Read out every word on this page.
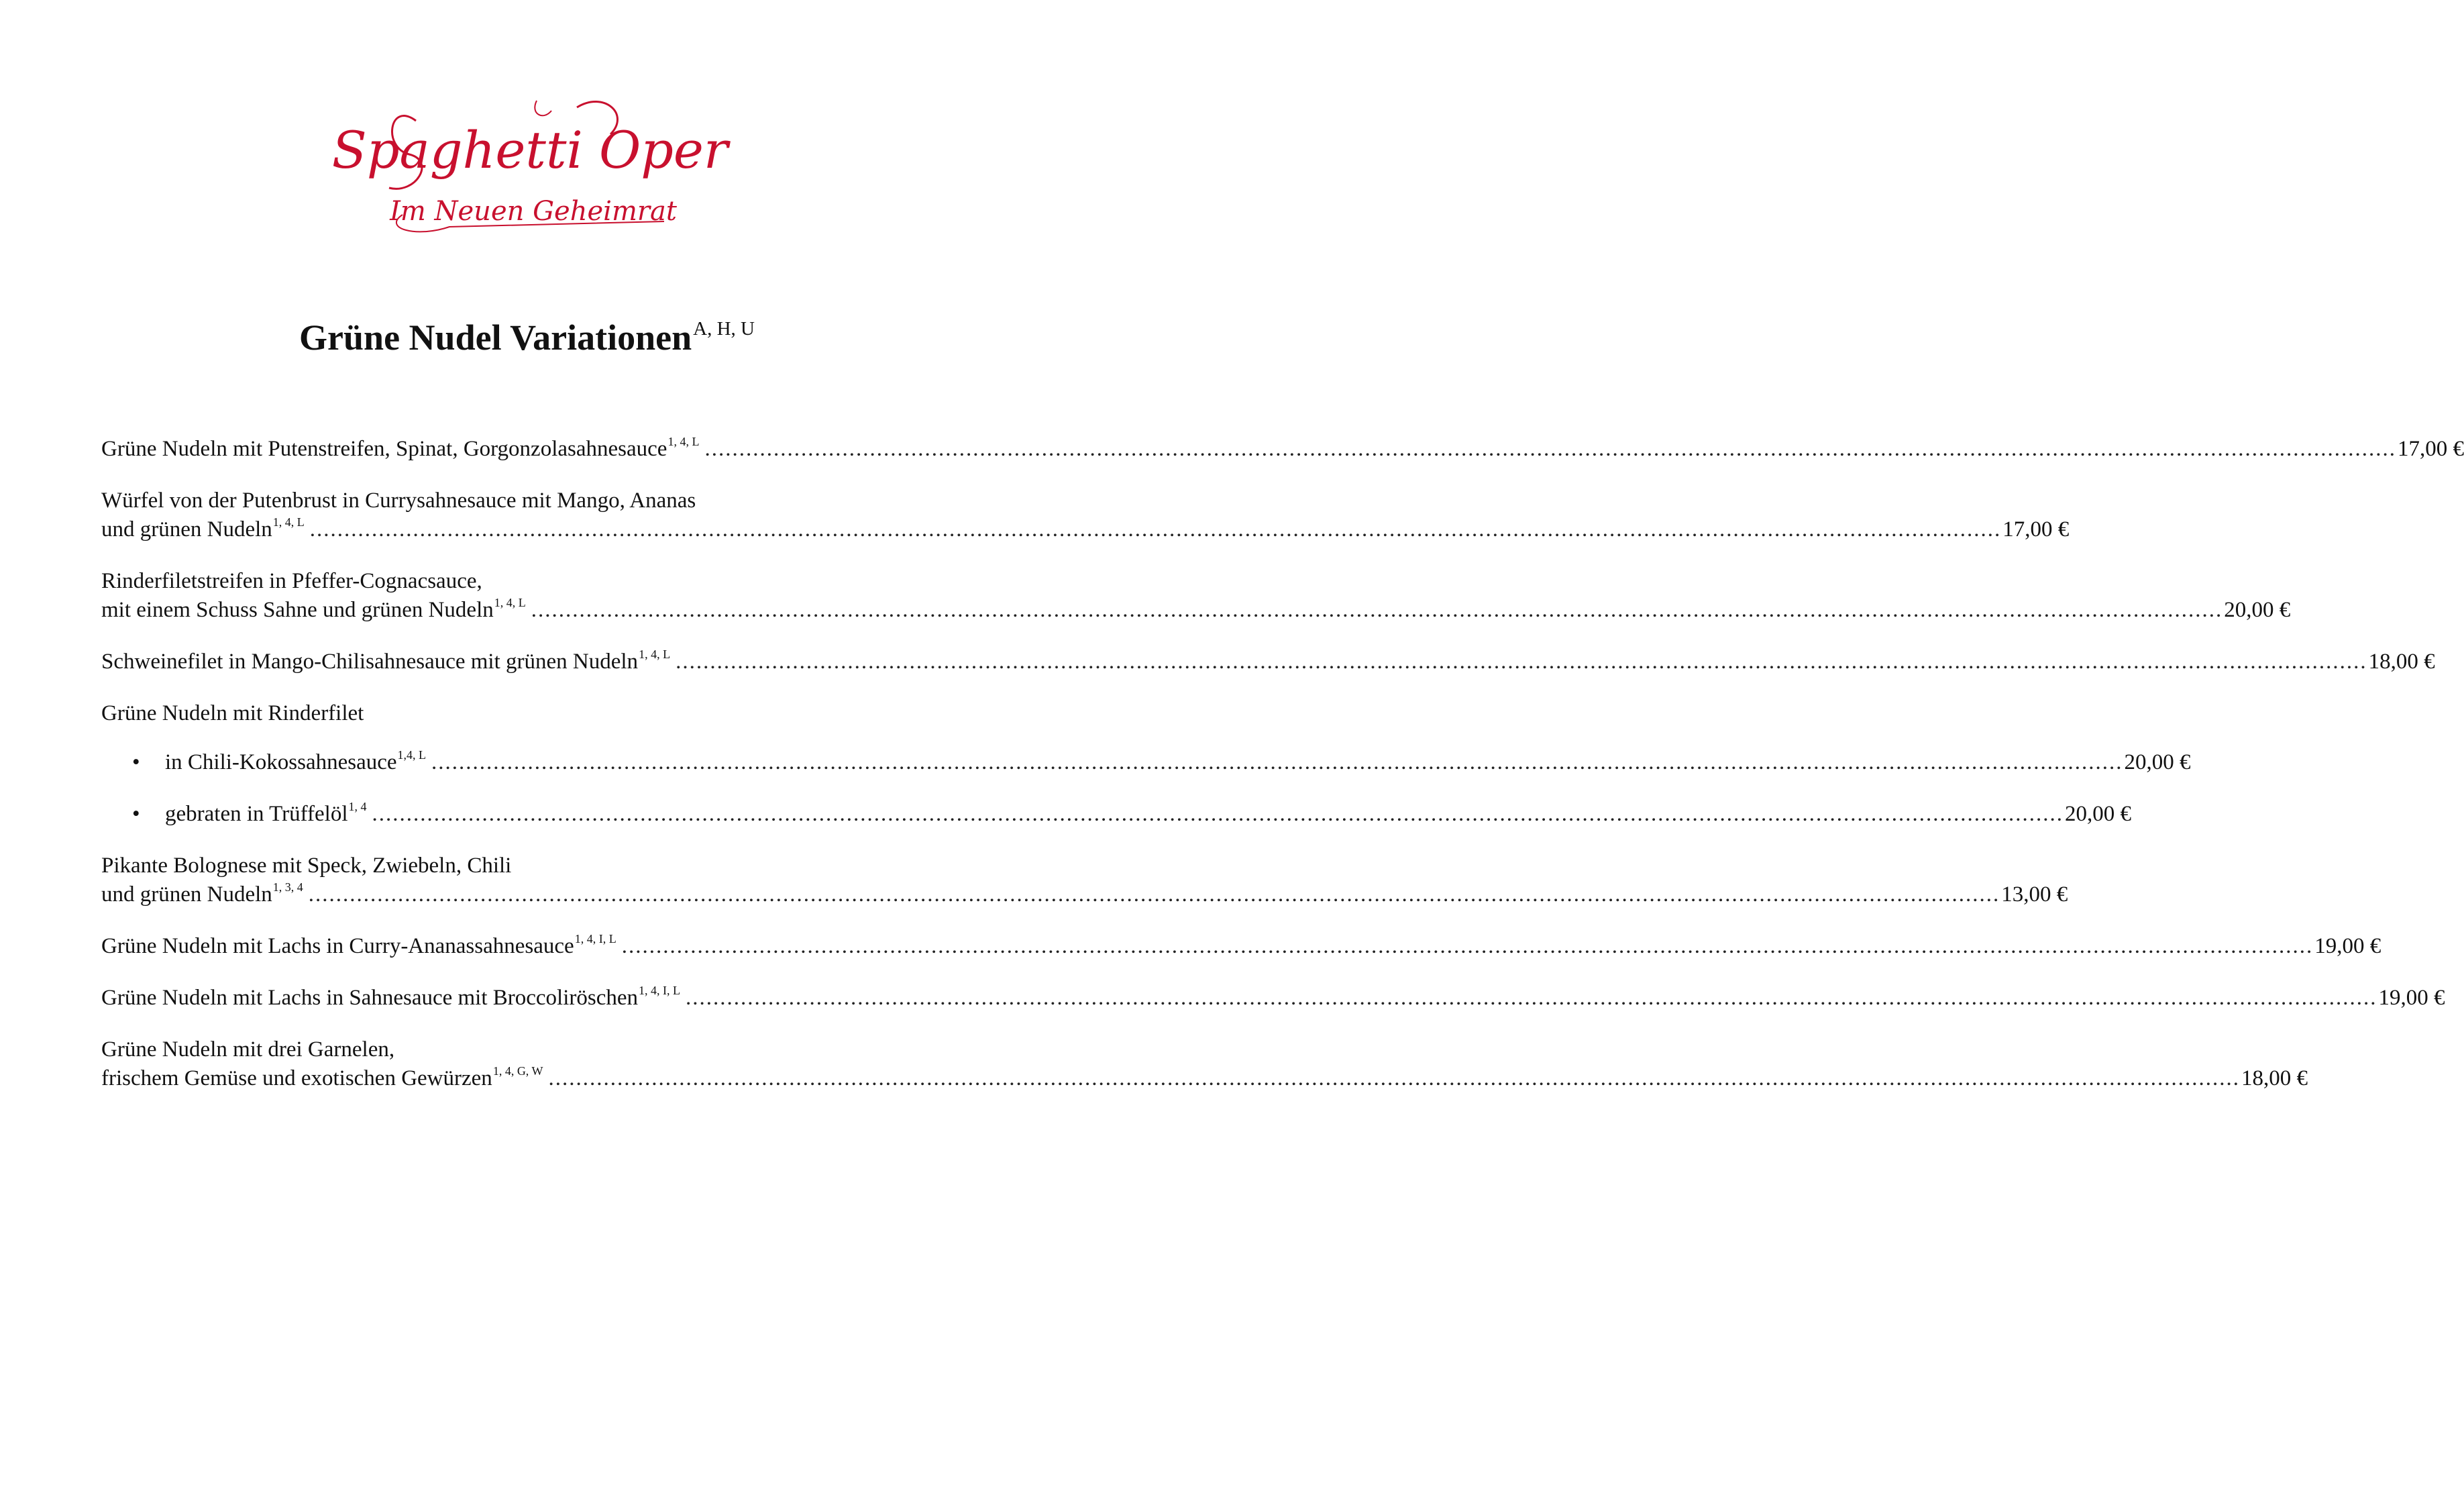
Spaghetti Oper
Im Neuen Geheimrat
Grüne Nudel Variationen$^{A, H, U}$
Grüne Nudeln mit Putenstreifen, Spinat, Gorgonzolasahnesauce$^{1, 4, L}$ .....	17,00 €
Würfel von der Putenbrust in Currysahnesauce mit Mango, Ananas
und grünen Nudeln$^{1, 4, L}$ .....	17,00 €
Rinderfiletstreifen in Pfeffer-Cognacsauce,
mit einem Schuss Sahne und grünen Nudeln$^{1, 4, L}$ .....	20,00 €
Schweinefilet in Mango-Chilisahnesauce mit grünen Nudeln$^{1, 4, L}$ .....	18,00 €
Grüne Nudeln mit Rinderfilet
•	in Chili-Kokossahnesauce$^{1,4, L}$ .....	20,00 €
•	gebraten in Trüffelöl$^{1, 4}$ .....	20,00 €
Pikante Bolognese mit Speck, Zwiebeln, Chili
und grünen Nudeln$^{1, 3, 4}$ .....	13,00 €
Grüne Nudeln mit Lachs in Curry-Ananassahnesauce$^{1, 4, I, L}$ .....	19,00 €
Grüne Nudeln mit Lachs in Sahnesauce mit Broccoliröschen$^{1, 4, I, L}$ .....	19,00 €
Grüne Nudeln mit drei Garnelen,
frischem Gemüse und exotischen Gewürzen$^{1, 4, G, W}$ .....	18,00 €
